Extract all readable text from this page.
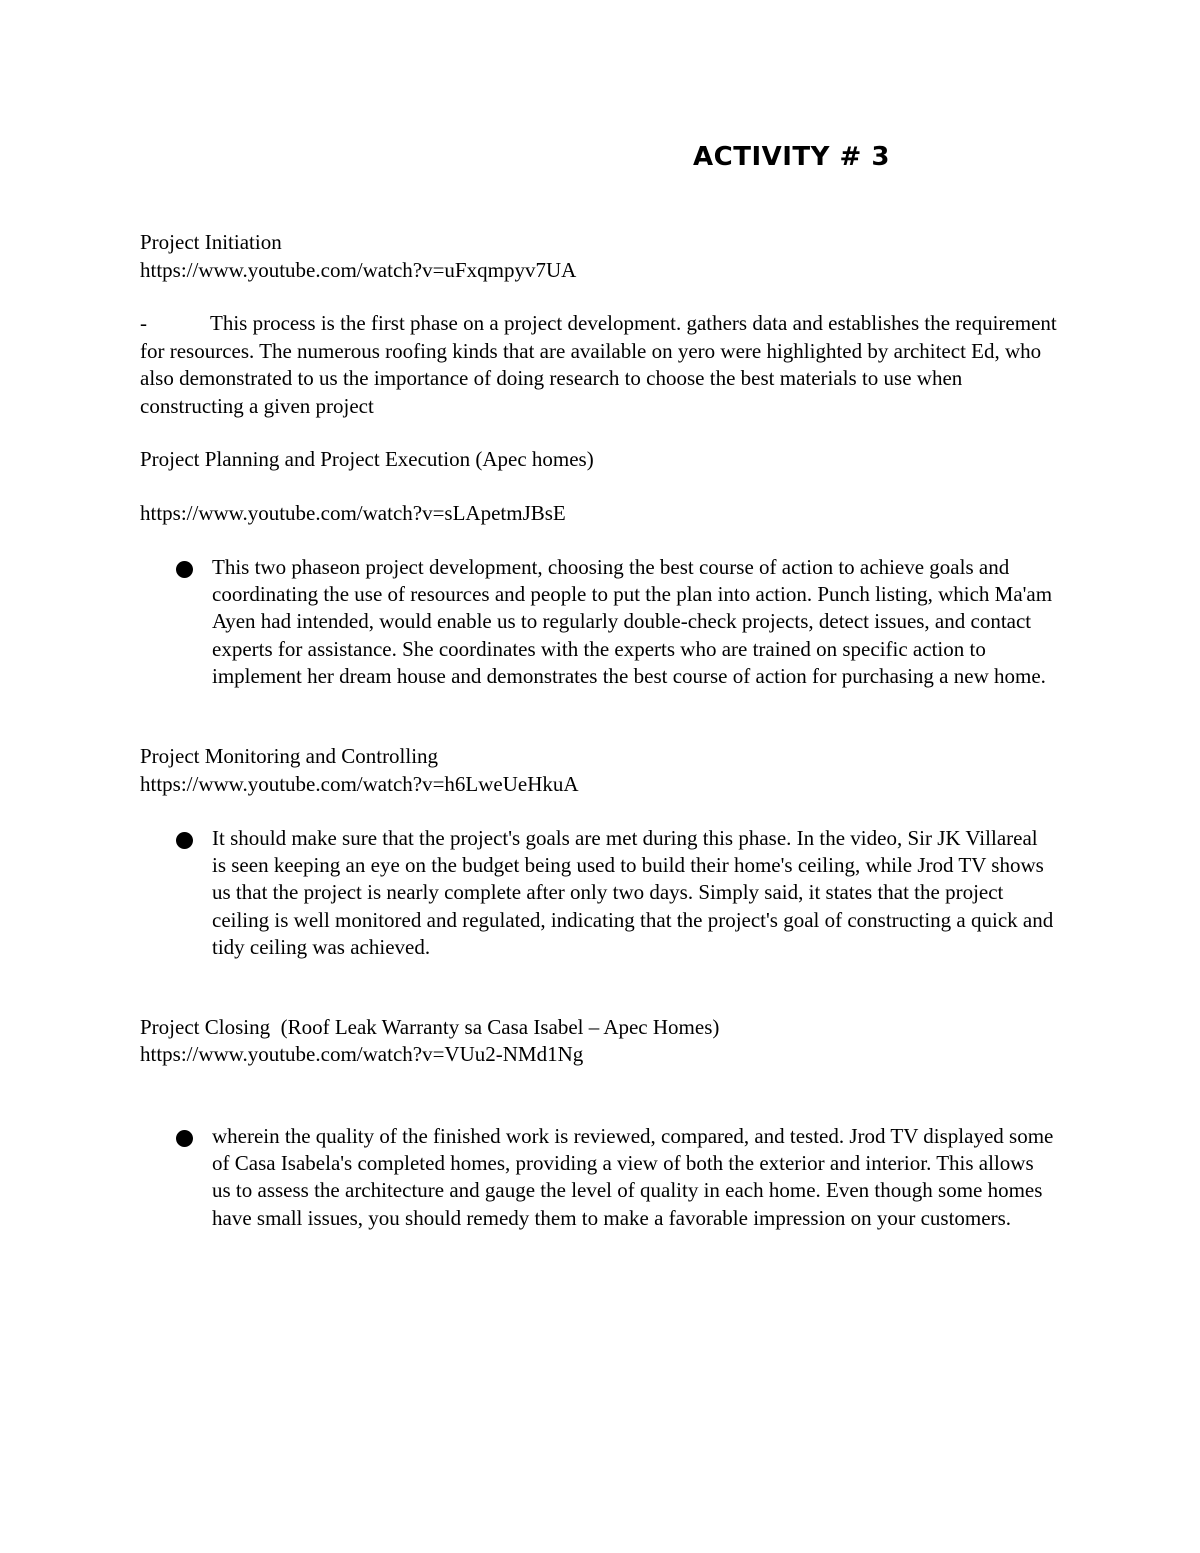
ACTIVITY # 3
Project Initiation
https://www.youtube.com/watch?v=uFxqmpyv7UA
-	This process is the first phase on a project development. gathers data and establishes the requirement for resources. The numerous roofing kinds that are available on yero were highlighted by architect Ed, who also demonstrated to us the importance of doing research to choose the best materials to use when constructing a given project
Project Planning and Project Execution (Apec homes)
https://www.youtube.com/watch?v=sLApetmJBsE
This two phaseon project development, choosing the best course of action to achieve goals and coordinating the use of resources and people to put the plan into action. Punch listing, which Ma'am Ayen had intended, would enable us to regularly double-check projects, detect issues, and contact experts for assistance. She coordinates with the experts who are trained on specific action to implement her dream house and demonstrates the best course of action for purchasing a new home.
Project Monitoring and Controlling
https://www.youtube.com/watch?v=h6LweUeHkuA
It should make sure that the project's goals are met during this phase. In the video, Sir JK Villareal is seen keeping an eye on the budget being used to build their home's ceiling, while Jrod TV shows us that the project is nearly complete after only two days. Simply said, it states that the project ceiling is well monitored and regulated, indicating that the project's goal of constructing a quick and tidy ceiling was achieved.
Project Closing  (Roof Leak Warranty sa Casa Isabel – Apec Homes)
https://www.youtube.com/watch?v=VUu2-NMd1Ng
wherein the quality of the finished work is reviewed, compared, and tested. Jrod TV displayed some of Casa Isabela's completed homes, providing a view of both the exterior and interior. This allows us to assess the architecture and gauge the level of quality in each home. Even though some homes have small issues, you should remedy them to make a favorable impression on your customers.
